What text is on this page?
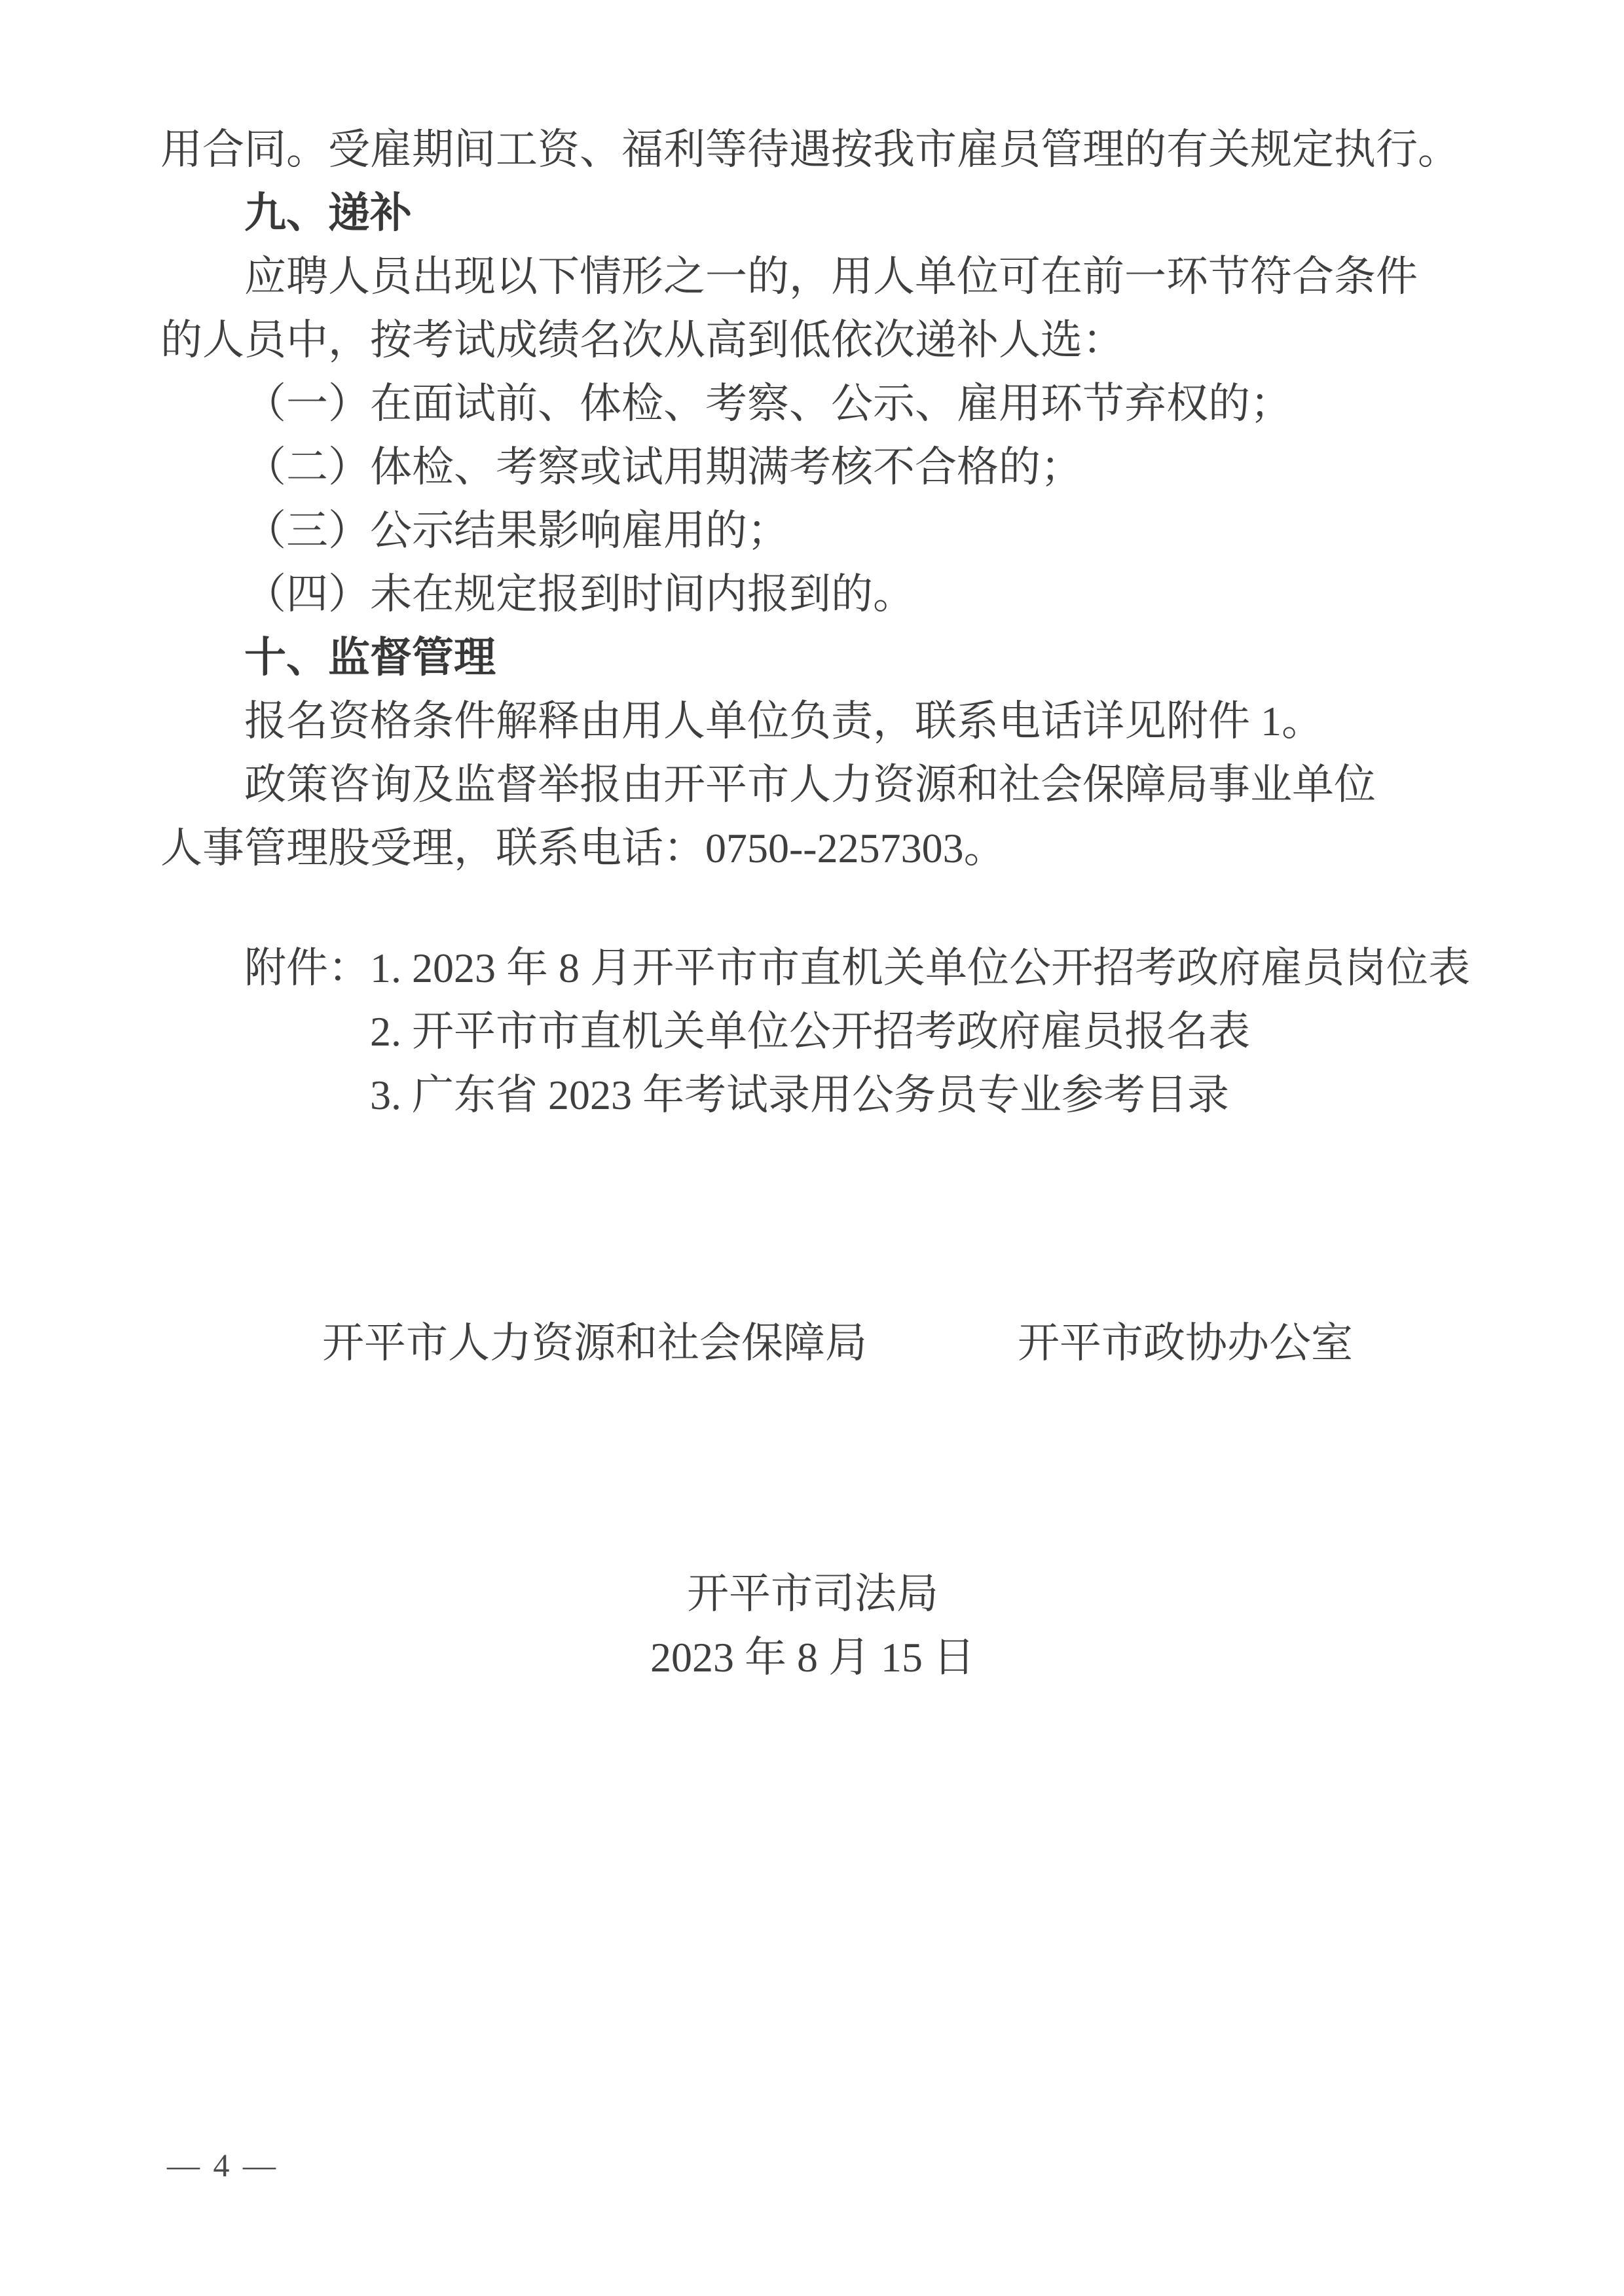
用合同。受雇期间工资、福利等待遇按我市雇员管理的有关规定执行。

九、递补

应聘人员出现以下情形之一的，用人单位可在前一环节符合条件

的人员中，按考试成绩名次从高到低依次递补人选：

（一）在面试前、体检、考察、公示、雇用环节弃权的；

（二）体检、考察或试用期满考核不合格的；

（三）公示结果影响雇用的；

（四）未在规定报到时间内报到的。

十、监督管理

报名资格条件解释由用人单位负责，联系电话详见附件 1。

政策咨询及监督举报由开平市人力资源和社会保障局事业单位

人事管理股受理，联系电话：0750--2257303。

附件：1. 2023 年 8 月开平市市直机关单位公开招考政府雇员岗位表

2. 开平市市直机关单位公开招考政府雇员报名表

3. 广东省 2023 年考试录用公务员专业参考目录

开平市人力资源和社会保障局	开平市政协办公室

开平市司法局

2023 年 8 月 15 日

— 4 —
